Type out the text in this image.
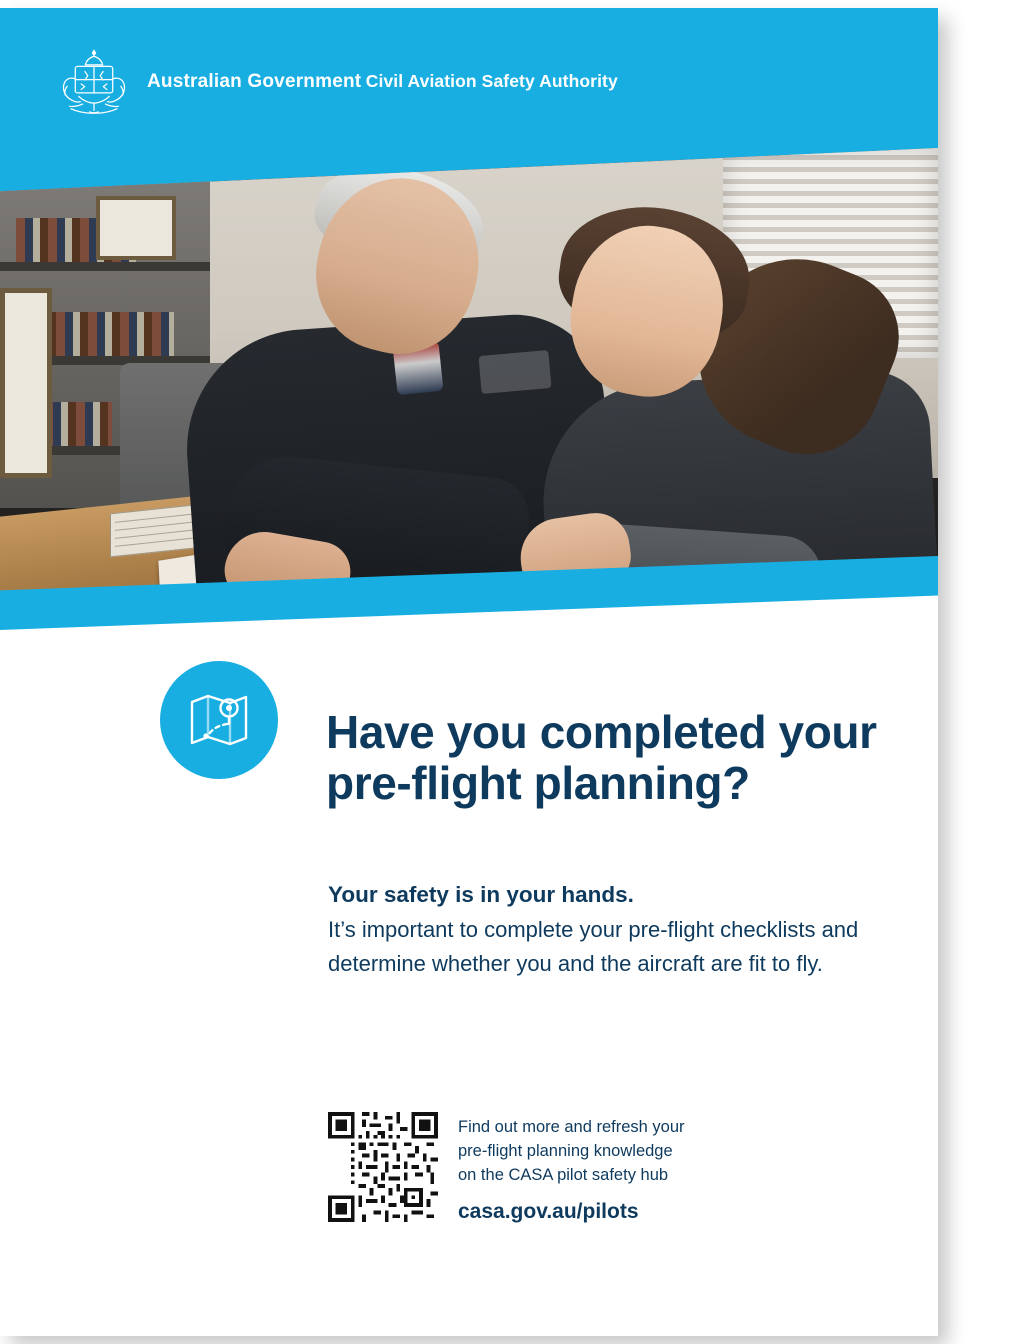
Australian Government Civil Aviation Safety Authority
Have you completed your pre-flight planning?

Your safety is in your hands.

It’s important to complete your pre-flight checklists and determine whether you and the aircraft are fit to fly.

Find out more and refresh your
pre-flight planning knowledge
on the CASA pilot safety hub
casa.gov.au/pilots
